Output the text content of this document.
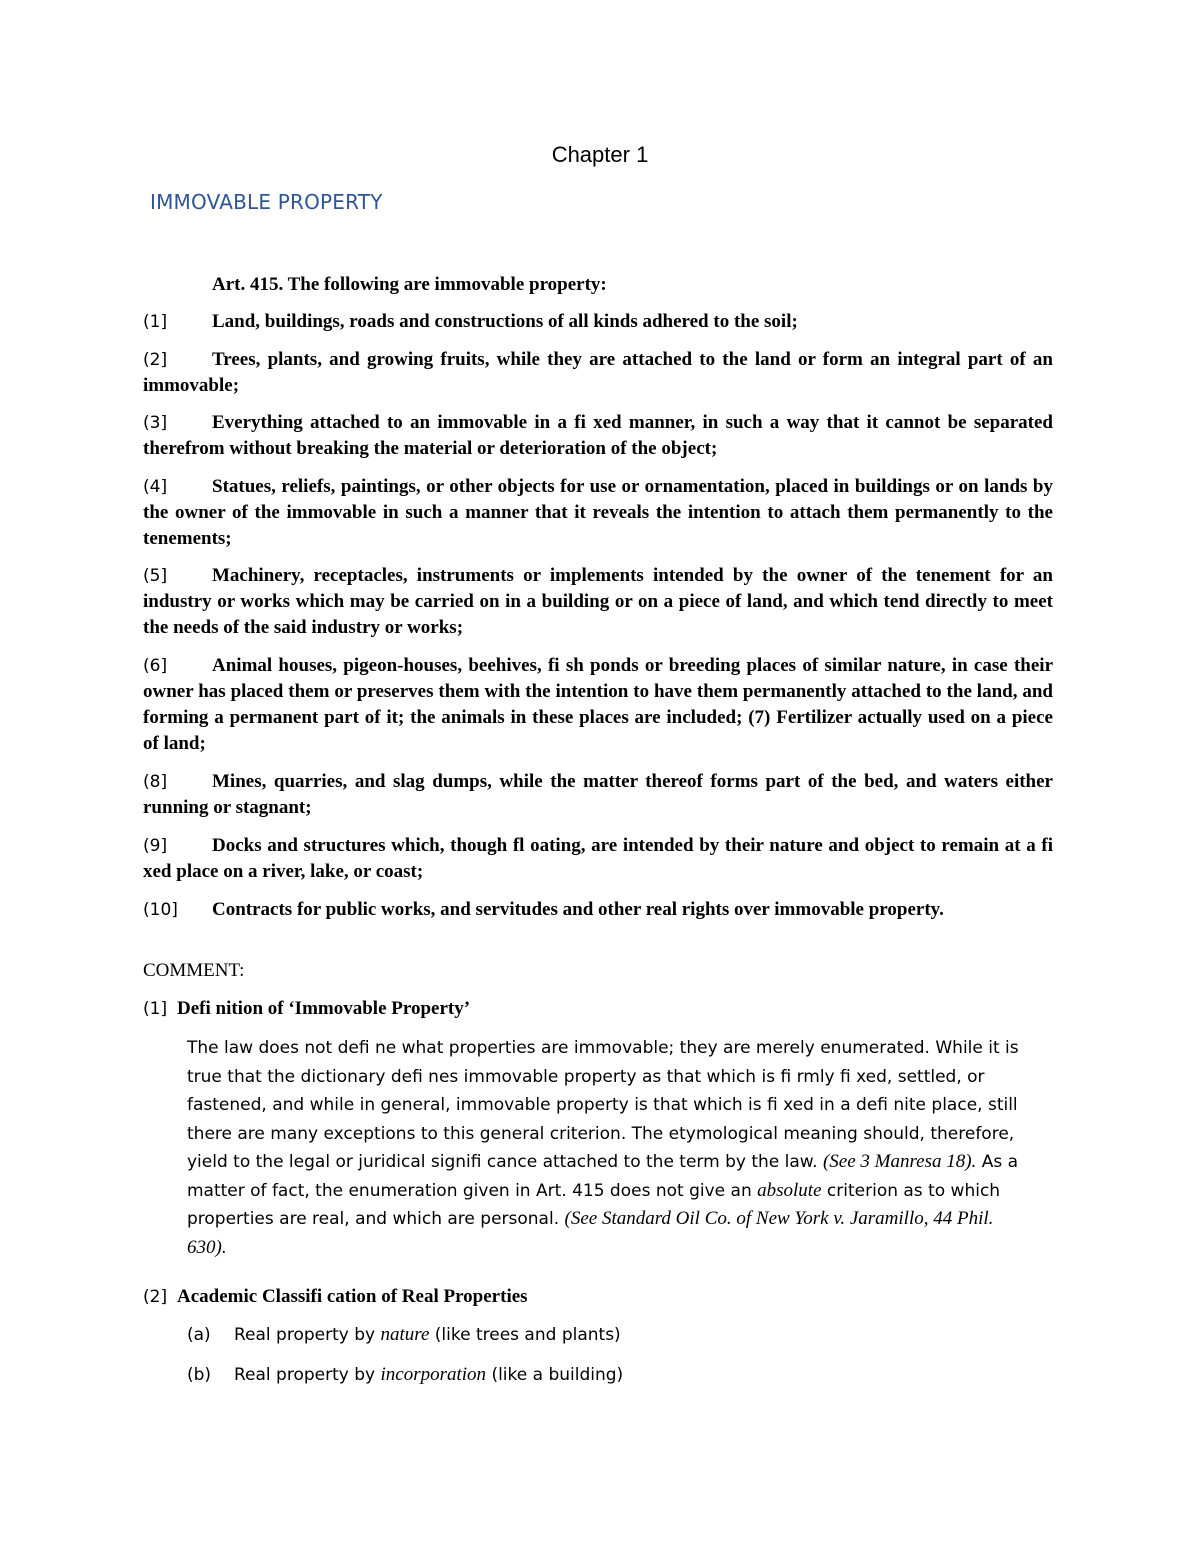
Chapter 1
IMMOVABLE PROPERTY
Art. 415. The following are immovable property:

(1] Land, buildings, roads and constructions of all kinds adhered to the soil;

(2] Trees, plants, and growing fruits, while they are attached to the land or form an integral part of an immovable;

(3] Everything attached to an immovable in a fi xed manner, in such a way that it cannot be separated therefrom without breaking the material or deterioration of the object;

(4] Statues, reliefs, paintings, or other objects for use or ornamentation, placed in buildings or on lands by the owner of the immovable in such a manner that it reveals the intention to attach them permanently to the tenements;

(5] Machinery, receptacles, instruments or implements intended by the owner of the tenement for an industry or works which may be carried on in a building or on a piece of land, and which tend directly to meet the needs of the said industry or works;

(6] Animal houses, pigeon-houses, beehives, fi sh ponds or breeding places of similar nature, in case their owner has placed them or preserves them with the intention to have them permanently attached to the land, and forming a permanent part of it; the animals in these places are included; (7) Fertilizer actually used on a piece of land;

(8] Mines, quarries, and slag dumps, while the matter thereof forms part of the bed, and waters either running or stagnant;

(9] Docks and structures which, though fl oating, are intended by their nature and object to remain at a fi xed place on a river, lake, or coast;

(10] Contracts for public works, and servitudes and other real rights over immovable property.

COMMENT:
(1] Defi nition of ‘Immovable Property’

The law does not defi ne what properties are immovable; they are merely enumerated. While it is true that the dictionary defi nes immovable property as that which is fi rmly fi xed, settled, or fastened, and while in general, immovable property is that which is fi xed in a defi nite place, still there are many exceptions to this general criterion. The etymological meaning should, therefore, yield to the legal or juridical signifi cance attached to the term by the law. (See 3 Manresa 18). As a matter of fact, the enumeration given in Art. 415 does not give an absolute criterion as to which properties are real, and which are personal. (See Standard Oil Co. of New York v. Jaramillo, 44 Phil. 630).

(2] Academic Classifi cation of Real Properties
(a) Real property by nature (like trees and plants)
(b) Real property by incorporation (like a building)
